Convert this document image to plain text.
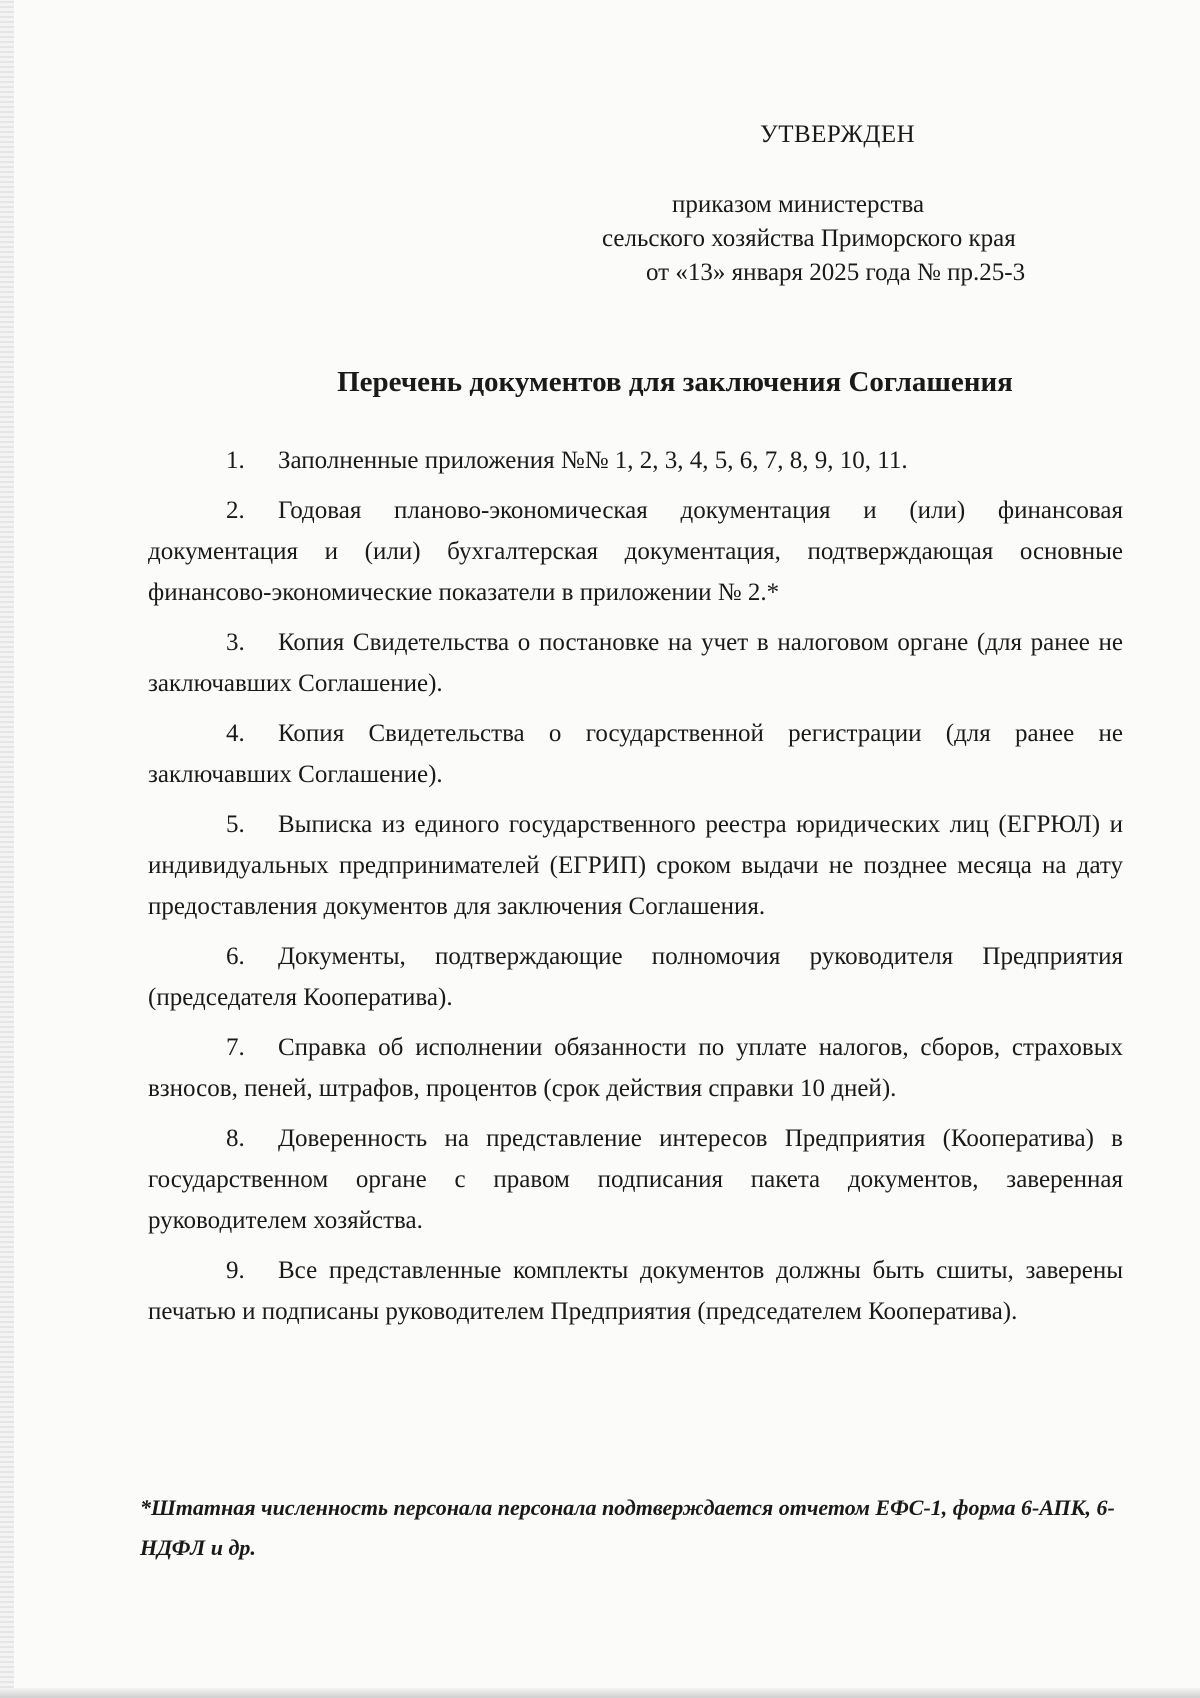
УТВЕРЖДЕН
приказом министерства
сельского хозяйства Приморского края
от «13» января 2025 года № пр.25-3
Перечень документов для заключения Соглашения
1. Заполненные приложения №№ 1, 2, 3, 4, 5, 6, 7, 8, 9, 10, 11.
2. Годовая планово-экономическая документация и (или) финансовая документация и (или) бухгалтерская документация, подтверждающая основные финансово-экономические показатели в приложении № 2.*
3. Копия Свидетельства о постановке на учет в налоговом органе (для ранее не заключавших Соглашение).
4. Копия Свидетельства о государственной регистрации (для ранее не заключавших Соглашение).
5. Выписка из единого государственного реестра юридических лиц (ЕГРЮЛ) и индивидуальных предпринимателей (ЕГРИП) сроком выдачи не позднее месяца на дату предоставления документов для заключения Соглашения.
6. Документы, подтверждающие полномочия руководителя Предприятия (председателя Кооператива).
7. Справка об исполнении обязанности по уплате налогов, сборов, страховых взносов, пеней, штрафов, процентов (срок действия справки 10 дней).
8. Доверенность на представление интересов Предприятия (Кооператива) в государственном органе с правом подписания пакета документов, заверенная руководителем хозяйства.
9. Все представленные комплекты документов должны быть сшиты, заверены печатью и подписаны руководителем Предприятия (председателем Кооператива).
*Штатная численность персонала персонала подтверждается отчетом ЕФС-1, форма 6-АПК, 6-НДФЛ и др.
